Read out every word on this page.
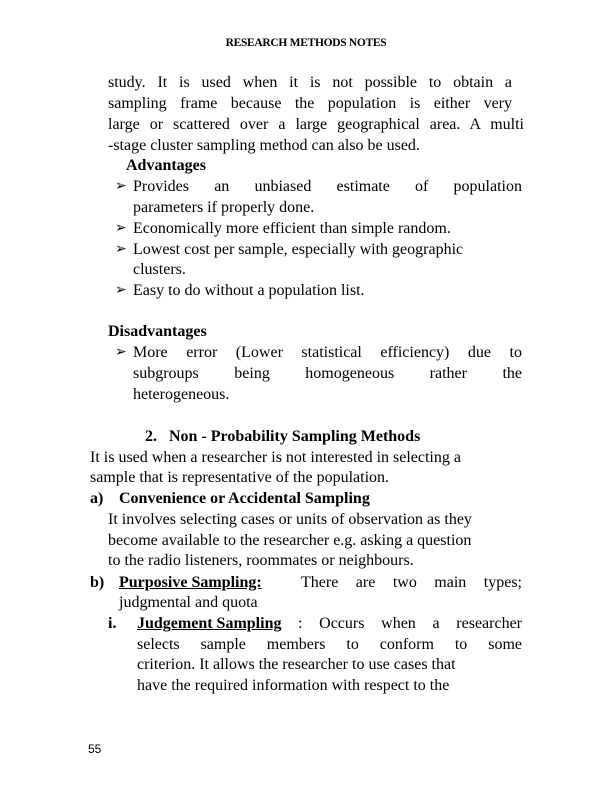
RESEARCH METHODS NOTES
study. It is used when it is not possible to obtain a
sampling frame because the population is either very
large or scattered over a large geographical area. A multi
-stage cluster sampling method can also be used.
Advantages
➢ Provides an unbiased estimate of population
parameters if properly done.
➢ Economically more efficient than simple random.
➢ Lowest cost per sample, especially with geographic
clusters.
➢ Easy to do without a population list.
Disadvantages
➢ More error (Lower statistical efficiency) due to
subgroups being homogeneous rather the
heterogeneous.
2. Non - Probability Sampling Methods
It is used when a researcher is not interested in selecting a
sample that is representative of the population.
a) Convenience or Accidental Sampling
It involves selecting cases or units of observation as they
become available to the researcher e.g. asking a question
to the radio listeners, roommates or neighbours.
b) Purposive Sampling: There are two main types;
judgmental and quota
i. Judgement Sampling : Occurs when a researcher
selects sample members to conform to some
criterion. It allows the researcher to use cases that
have the required information with respect to the
55
